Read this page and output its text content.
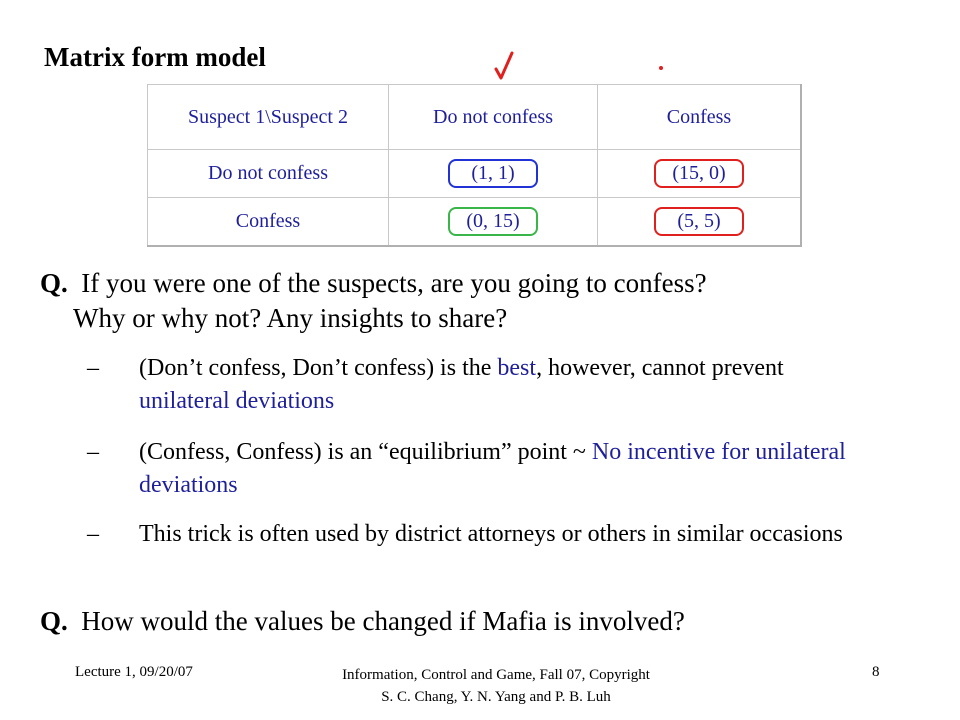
Matrix form model
Suspect 1\Suspect 2	Do not confess	Confess
Do not confess	(1, 1)	(15, 0)
Confess	(0, 15)	(5, 5)
Q. If you were one of the suspects, are you going to confess?
Why or why not? Any insights to share?
– (Don’t confess, Don’t confess) is the best, however, cannot prevent unilateral deviations
– (Confess, Confess) is an “equilibrium” point ~ No incentive for unilateral deviations
– This trick is often used by district attorneys or others in similar occasions
Q. How would the values be changed if Mafia is involved?
Lecture 1, 09/20/07	Information, Control and Game, Fall 07, Copyright
S. C. Chang, Y. N. Yang and P. B. Luh
8
